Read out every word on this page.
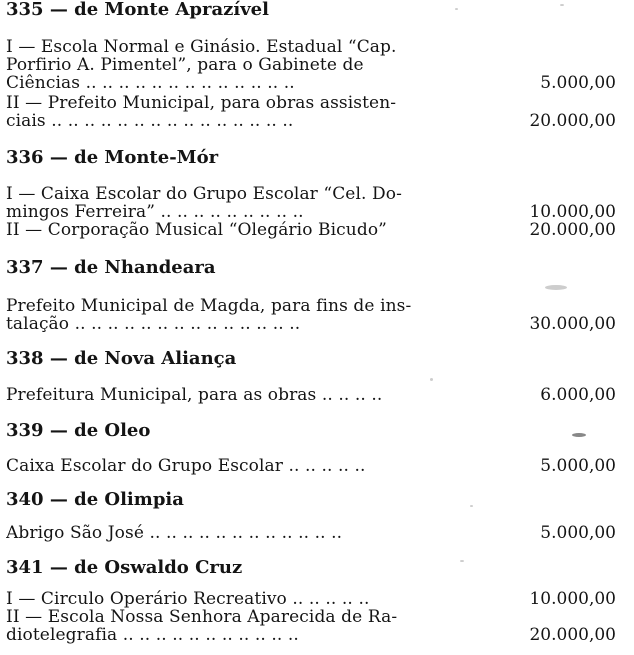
335 — de Monte Aprazível
I — Escola Normal e Ginásio. Estadual “Cap.
Porfirio A. Pimentel”, para o Gabinete de
Ciências .. .. .. .. .. .. .. .. .. .. .. .. ..	5.000,00
II — Prefeito Municipal, para obras assisten-
ciais .. .. .. .. .. .. .. .. .. .. .. .. .. .. ..	20.000,00
336 — de Monte-Mór
I — Caixa Escolar do Grupo Escolar “Cel. Do-
mingos Ferreira” .. .. .. .. .. .. .. .. ..	10.000,00
II — Corporação Musical “Olegário Bicudo”	20.000,00
337 — de Nhandeara
Prefeito Municipal de Magda, para fins de ins-
talação .. .. .. .. .. .. .. .. .. .. .. .. .. ..	30.000,00
338 — de Nova Aliança
Prefeitura Municipal, para as obras .. .. .. ..	6.000,00
339 — de Oleo
Caixa Escolar do Grupo Escolar .. .. .. .. ..	5.000,00
340 — de Olimpia
Abrigo São José .. .. .. .. .. .. .. .. .. .. .. ..	5.000,00
341 — de Oswaldo Cruz
I — Circulo Operário Recreativo .. .. .. .. ..	10.000,00
II — Escola Nossa Senhora Aparecida de Ra-
diotelegrafia .. .. .. .. .. .. .. .. .. .. ..	20.000,00
